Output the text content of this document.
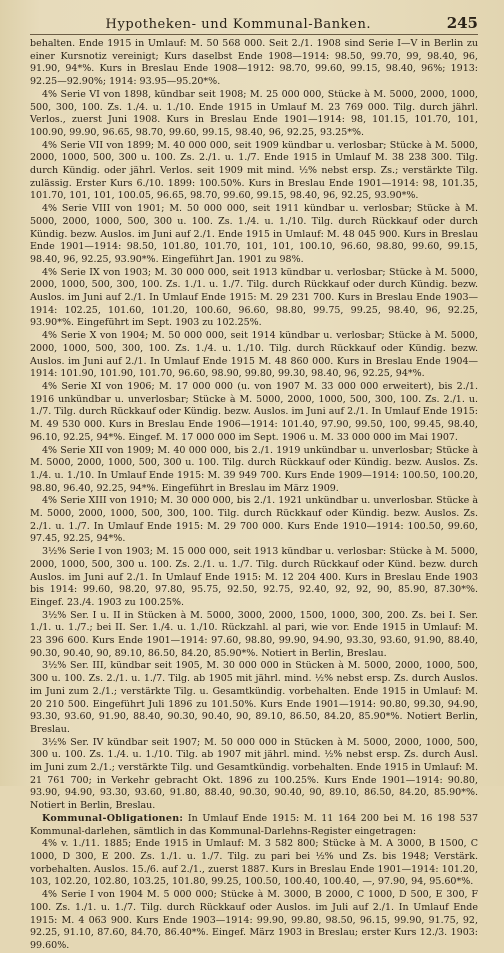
Hypotheken- und Kommunal-Banken.	245

behalten. Ende 1915 in Umlauf: M. 50 568 000. Seit 2./1. 1908 sind Serie I—V in Berlin zu einer Kursnotiz vereinigt; Kurs daselbst Ende 1908—1914: 98.50, 99.70, 99, 98.40, 96, 91.90, 94*%. Kurs in Breslau Ende 1908—1912: 98.70, 99.60, 99.15, 98.40, 96%; 1913: 92.25—92.90%; 1914: 93.95—95.20*%.

4% Serie VI von 1898, kündbar seit 1908; M. 25 000 000, Stücke à M. 5000, 2000, 1000, 500, 300, 100. Zs. 1./4. u. 1./10. Ende 1915 in Umlauf M. 23 769 000. Tilg. durch jährl. Verlos., zuerst Juni 1908. Kurs in Breslau Ende 1901—1914: 98, 101.15, 101.70, 101, 100.90, 99.90, 96.65, 98.70, 99.60, 99.15, 98.40, 96, 92.25, 93.25*%.

4% Serie VII von 1899; M. 40 000 000, seit 1909 kündbar u. verlosbar; Stücke à M. 5000, 2000, 1000, 500, 300 u. 100. Zs. 2./1. u. 1./7. Ende 1915 in Umlauf M. 38 238 300. Tilg. durch Kündig. oder jährl. Verlos. seit 1909 mit mind. ½% nebst ersp. Zs.; verstärkte Tilg. zulässig. Erster Kurs 6./10. 1899: 100.50%. Kurs in Breslau Ende 1901—1914: 98, 101.35, 101.70, 101, 101, 100.05, 96.65, 98.70, 99.60, 99.15, 98.40, 96, 92.25, 93.90*%.

4% Serie VIII von 1901; M. 50 000 000, seit 1911 kündbar u. verlosbar; Stücke à M. 5000, 2000, 1000, 500, 300 u. 100. Zs. 1./4. u. 1./10. Tilg. durch Rückkauf oder durch Kündig. bezw. Auslos. im Juni auf 2./1. Ende 1915 in Umlauf: M. 48 045 900. Kurs in Breslau Ende 1901—1914: 98.50, 101.80, 101.70, 101, 101, 100.10, 96.60, 98.80, 99.60, 99.15, 98.40, 96, 92.25, 93.90*%. Eingeführt Jan. 1901 zu 98%.

4% Serie IX von 1903; M. 30 000 000, seit 1913 kündbar u. verlosbar; Stücke à M. 5000, 2000, 1000, 500, 300, 100. Zs. 1./1. u. 1./7. Tilg. durch Rückkauf oder durch Kündig. bezw. Auslos. im Juni auf 2./1. In Umlauf Ende 1915: M. 29 231 700. Kurs in Breslau Ende 1903—1914: 102.25, 101.60, 101.20, 100.60, 96.60, 98.80, 99.75, 99.25, 98.40, 96, 92.25, 93.90*%. Eingeführt im Sept. 1903 zu 102.25%.

4% Serie X von 1904; M. 50 000 000, seit 1914 kündbar u. verlosbar; Stücke à M. 5000, 2000, 1000, 500, 300, 100. Zs. 1./4. u. 1./10. Tilg. durch Rückkauf oder Kündig. bezw. Auslos. im Juni auf 2./1. In Umlauf Ende 1915 M. 48 860 000. Kurs in Breslau Ende 1904—1914: 101.90, 101.90, 101.70, 96.60, 98.90, 99.80, 99.30, 98.40, 96, 92.25, 94*%.

4% Serie XI von 1906; M. 17 000 000 (u. von 1907 M. 33 000 000 erweitert), bis 2./1. 1916 unkündbar u. unverlosbar; Stücke à M. 5000, 2000, 1000, 500, 300, 100. Zs. 2./1. u. 1./7. Tilg. durch Rückkauf oder Kündig. bezw. Auslos. im Juni auf 2./1. In Umlauf Ende 1915: M. 49 530 000. Kurs in Breslau Ende 1906—1914: 101.40, 97.90, 99.50, 100, 99.45, 98.40, 96.10, 92.25, 94*%. Eingef. M. 17 000 000 im Sept. 1906 u. M. 33 000 000 im Mai 1907.

4% Serie XII von 1909; M. 40 000 000, bis 2./1. 1919 unkündbar u. unverlosbar; Stücke à M. 5000, 2000, 1000, 500, 300 u. 100. Tilg. durch Rückkauf oder Kündig. bezw. Auslos. Zs. 1./4. u. 1./10. In Umlauf Ende 1915: M. 39 949 700. Kurs Ende 1909—1914: 100.50, 100.20, 98.80, 96.40, 92.25, 94*%. Eingeführt in Breslau im März 1909.

4% Serie XIII von 1910; M. 30 000 000, bis 2./1. 1921 unkündbar u. unverlosbar. Stücke à M. 5000, 2000, 1000, 500, 300, 100. Tilg. durch Rückkauf oder Kündig. bezw. Auslos. Zs. 2./1. u. 1./7. In Umlauf Ende 1915: M. 29 700 000. Kurs Ende 1910—1914: 100.50, 99.60, 97.45, 92.25, 94*%.

3½% Serie I von 1903; M. 15 000 000, seit 1913 kündbar u. verlosbar: Stücke à M. 5000, 2000, 1000, 500, 300 u. 100. Zs. 2./1. u. 1./7. Tilg. durch Rückkauf oder Künd. bezw. durch Auslos. im Juni auf 2./1. In Umlauf Ende 1915: M. 12 204 400. Kurs in Breslau Ende 1903 bis 1914: 99.60, 98.20, 97.80, 95.75, 92.50, 92.75, 92.40, 92, 92, 90, 85.90, 87.30*%. Eingef. 23./4. 1903 zu 100.25%.

3½% Ser. I u. II in Stücken à M. 5000, 3000, 2000, 1500, 1000, 300, 200. Zs. bei I. Ser. 1./1. u. 1./7.; bei II. Ser. 1./4. u. 1./10. Rückzahl. al pari, wie vor. Ende 1915 in Umlauf: M. 23 396 600. Kurs Ende 1901—1914: 97.60, 98.80, 99.90, 94.90, 93.30, 93.60, 91.90, 88.40, 90.30, 90.40, 90, 89.10, 86.50, 84.20, 85.90*%. Notiert in Berlin, Breslau.

3½% Ser. III, kündbar seit 1905, M. 30 000 000 in Stücken à M. 5000, 2000, 1000, 500, 300 u. 100. Zs. 2./1. u. 1./7. Tilg. ab 1905 mit jährl. mind. ½% nebst ersp. Zs. durch Auslos. im Juni zum 2./1.; verstärkte Tilg. u. Gesamtkündig. vorbehalten. Ende 1915 in Umlauf: M. 20 210 500. Eingeführt Juli 1896 zu 101.50%. Kurs Ende 1901—1914: 90.80, 99.30, 94.90, 93.30, 93.60, 91.90, 88.40, 90.30, 90.40, 90, 89.10, 86.50, 84.20, 85.90*%. Notiert Berlin, Breslau.

3½% Ser. IV kündbar seit 1907; M. 50 000 000 in Stücken à M. 5000, 2000, 1000, 500, 300 u. 100. Zs. 1./4. u. 1./10. Tilg. ab 1907 mit jährl. mind. ½% nebst ersp. Zs. durch Ausl. im Juni zum 2./1.; verstärkte Tilg. und Gesamtkündig. vorbehalten. Ende 1915 in Umlauf: M. 21 761 700; in Verkehr gebracht Okt. 1896 zu 100.25%. Kurs Ende 1901—1914: 90.80, 93.90, 94.90, 93.30, 93.60, 91.80, 88.40, 90.30, 90.40, 90, 89.10, 86.50, 84.20, 85.90*%. Notiert in Berlin, Breslau.

Kommunal-Obligationen: In Umlauf Ende 1915: M. 11 164 200 bei M. 16 198 537 Kommunal-darlehen, sämtlich in das Kommunal-Darlehns-Register eingetragen:

4% v. 1./11. 1885; Ende 1915 in Umlauf: M. 3 582 800; Stücke à M. A 3000, B 1500, C 1000, D 300, E 200. Zs. 1./1. u. 1./7. Tilg. zu pari bei ½% und Zs. bis 1948; Verstärk. vorbehalten. Auslos. 15./6. auf 2./1., zuerst 1887. Kurs in Breslau Ende 1901—1914: 101.20, 103, 102.20, 102.80, 103.25, 101.80, 99.25, 100.50, 100.40, 100.40, —, 97.90, 94, 95.60*%.

4% Serie I von 1904 M. 5 000 000; Stücke à M. 3000, B 2000, C 1000, D 500, E 300, F 100. Zs. 1./1. u. 1./7. Tilg. durch Rückkauf oder Auslos. im Juli auf 2./1. In Umlauf Ende 1915: M. 4 063 900. Kurs Ende 1903—1914: 99.90, 99.80, 98.50, 96.15, 99.90, 91.75, 92, 92.25, 91.10, 87.60, 84.70, 86.40*%. Eingef. März 1903 in Breslau; erster Kurs 12./3. 1903: 99.60%.
